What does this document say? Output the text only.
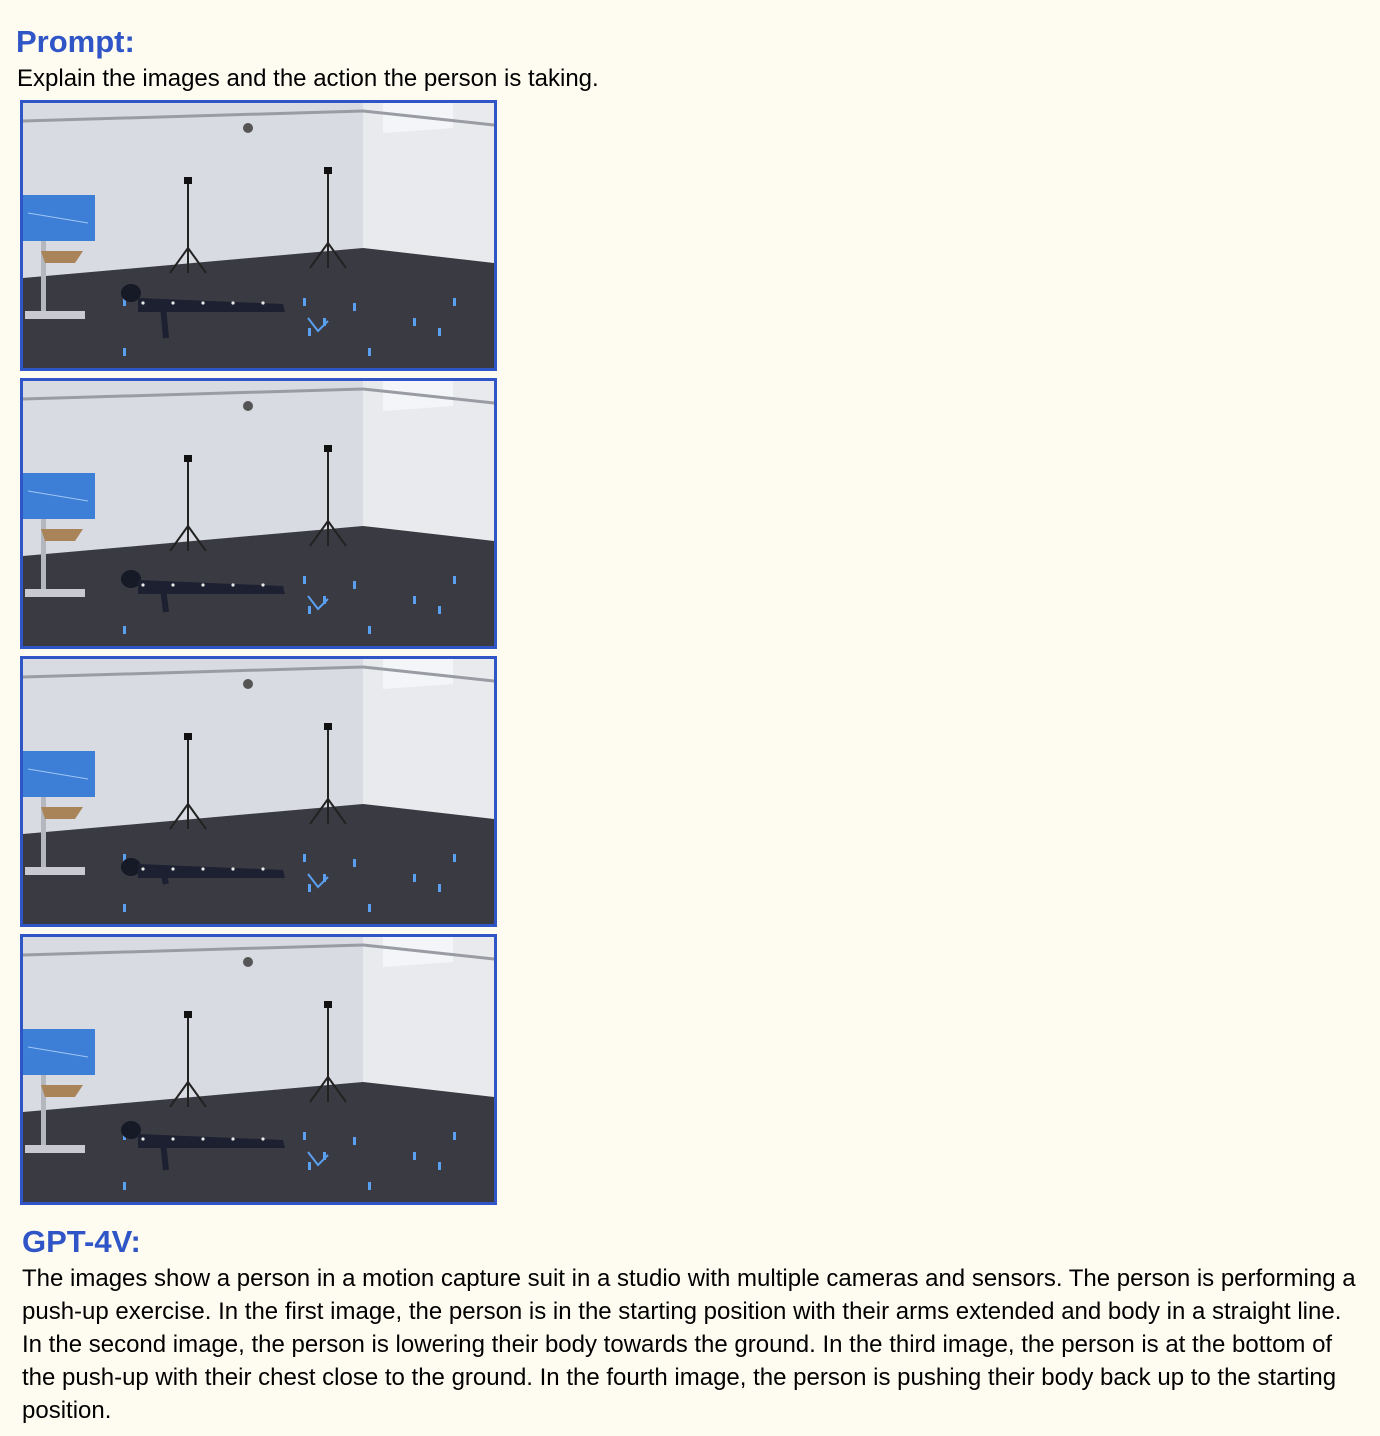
Prompt:
Explain the images and the action the person is taking.
GPT-4V:
The images show a person in a motion capture suit in a studio with multiple cameras and sensors. The person is performing a push-up exercise. In the first image, the person is in the starting position with their arms extended and body in a straight line. In the second image, the person is lowering their body towards the ground. In the third image, the person is at the bottom of the push-up with their chest close to the ground. In the fourth image, the person is pushing their body back up to the starting position.
